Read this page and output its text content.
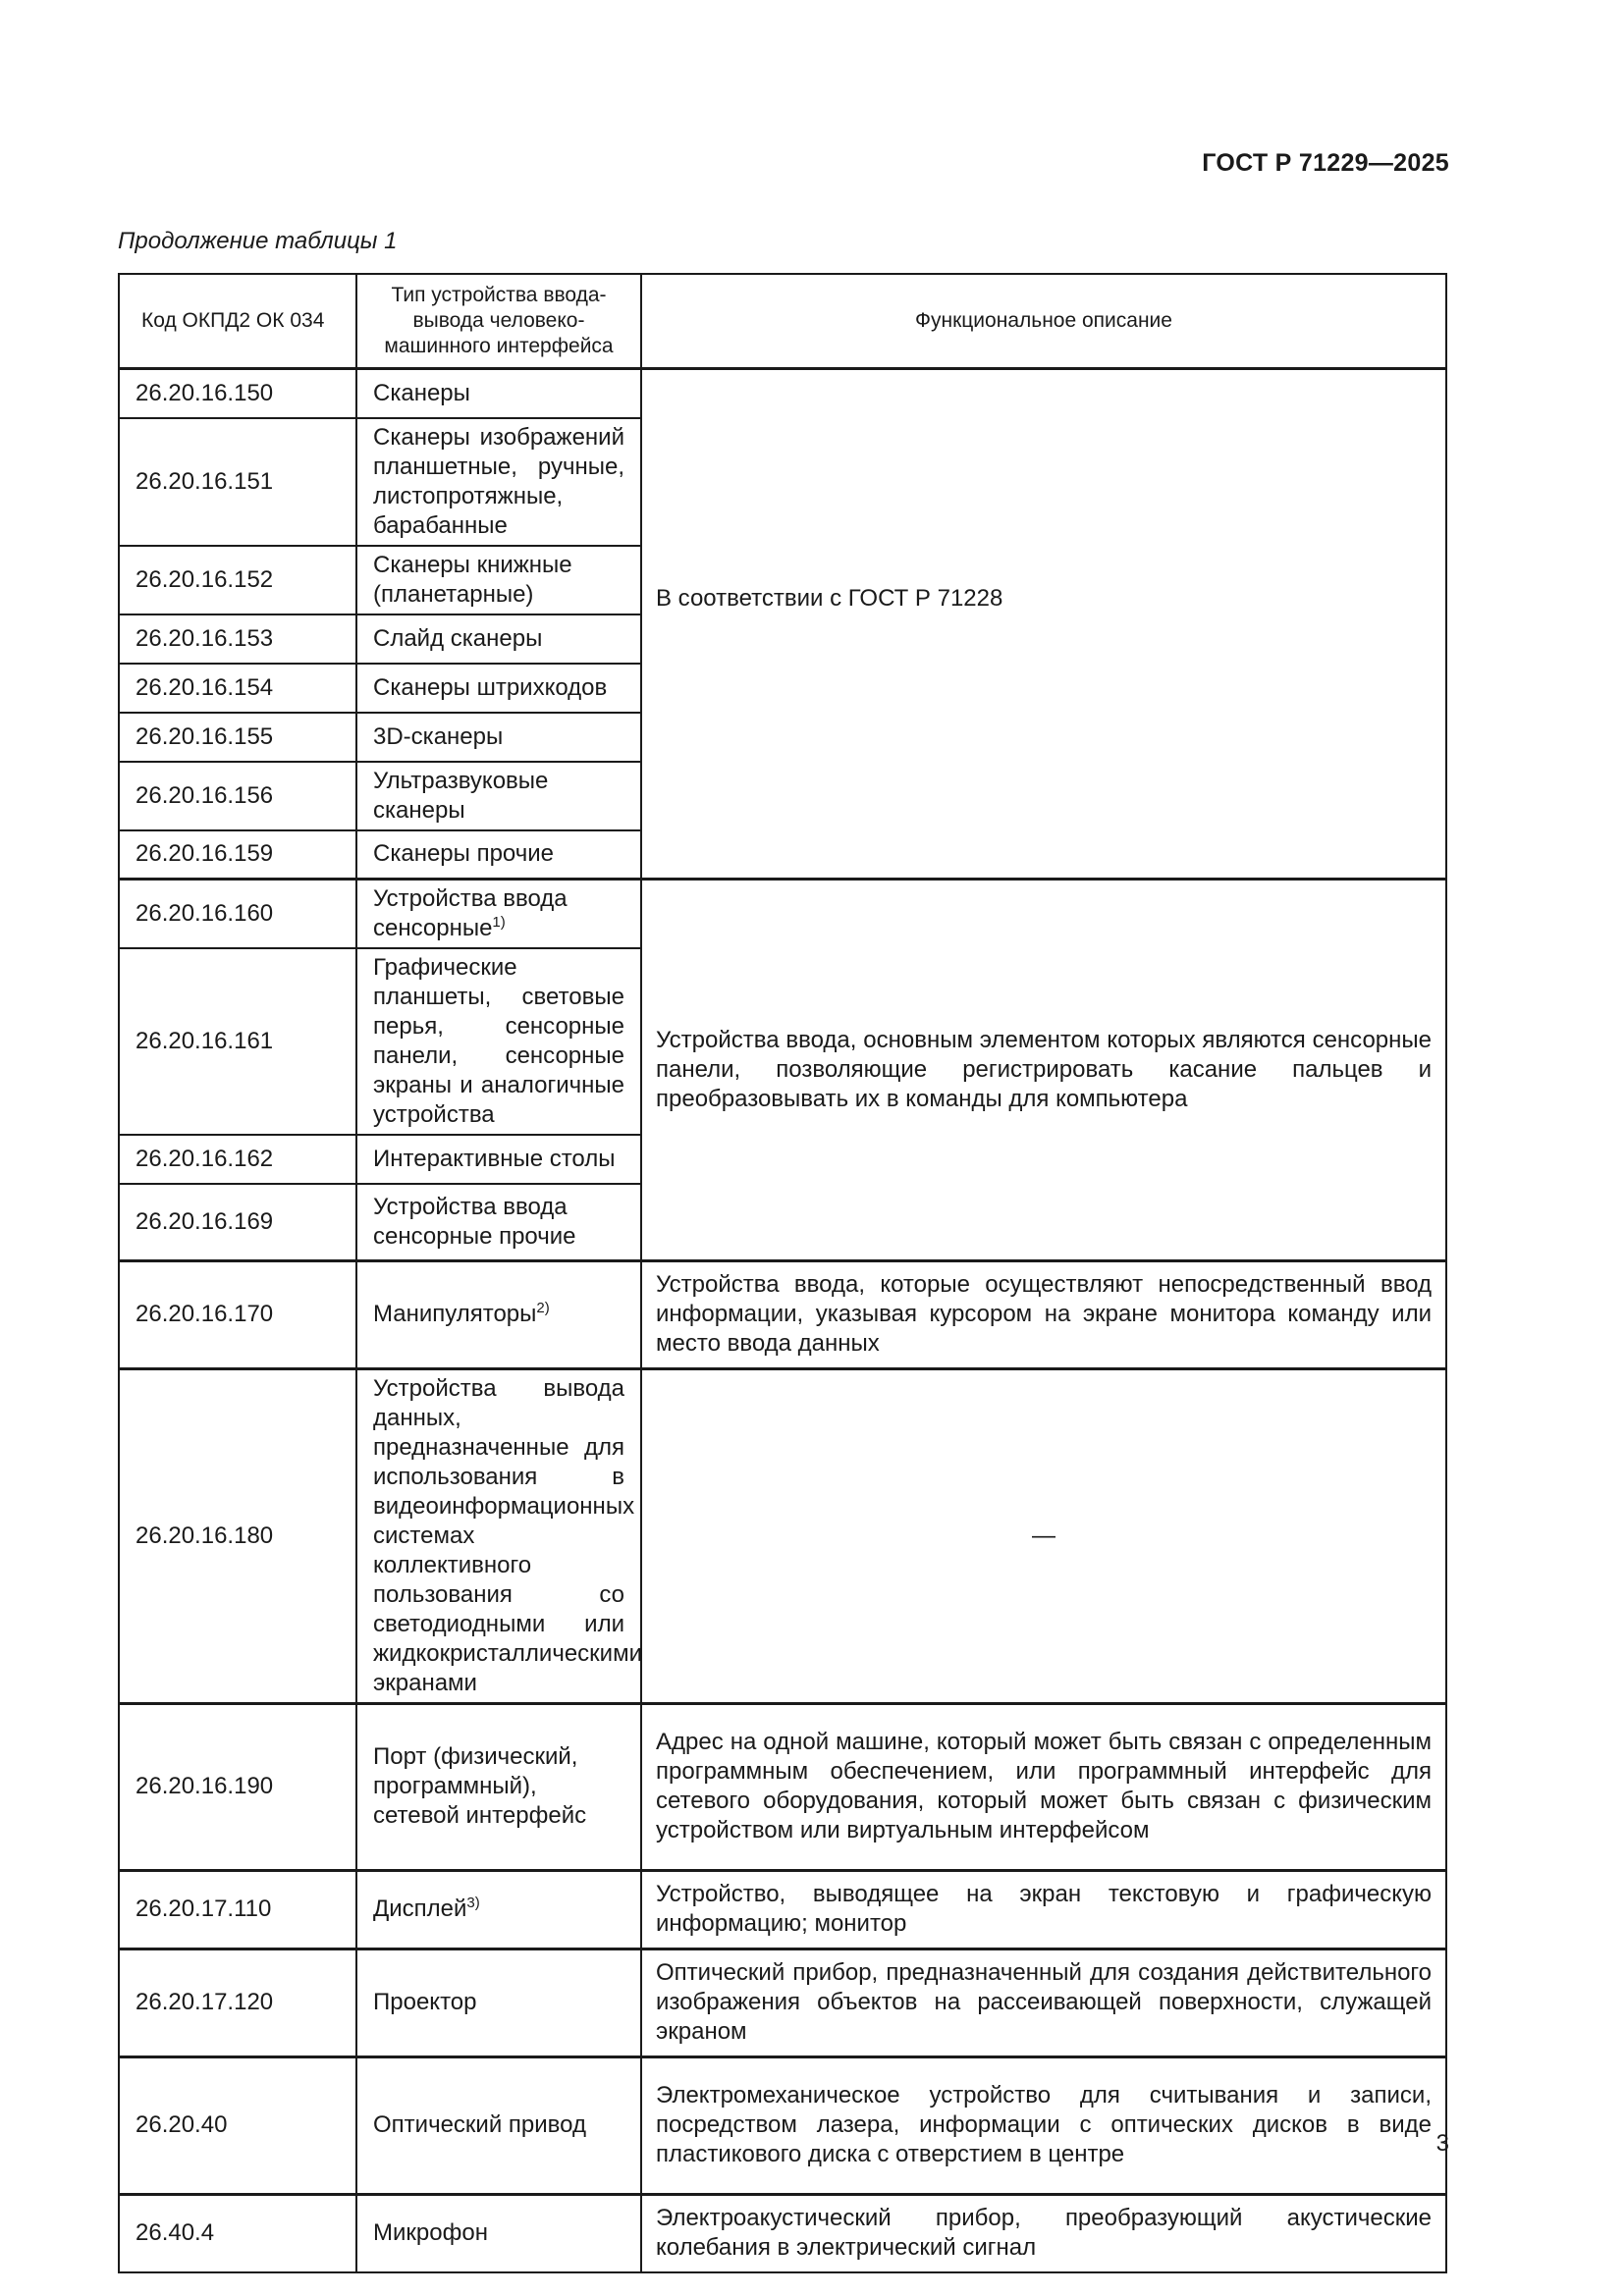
ГОСТ Р 71229—2025
Продолжение таблицы 1
Код ОКПД2 ОК 034	Тип устройства ввода-вывода человеко-машинного интерфейса	Функциональное описание
26.20.16.150	Сканеры	В соответствии с ГОСТ Р 71228
26.20.16.151	Сканеры изображений планшетные, ручные, листопротяжные, барабанные	
26.20.16.152	Сканеры книжные (планетарные)	
26.20.16.153	Слайд сканеры	
26.20.16.154	Сканеры штрихкодов	
26.20.16.155	3D-сканеры	
26.20.16.156	Ультразвуковые сканеры	
26.20.16.159	Сканеры прочие	
26.20.16.160	Устройства ввода сенсорные$^{1)}$	Устройства ввода, основным элементом которых являются сенсорные панели, позволяющие регистрировать касание пальцев и преобразовывать их в команды для компьютера
26.20.16.161	Графические планшеты, световые перья, сенсорные панели, сенсорные экраны и аналогичные устройства	
26.20.16.162	Интерактивные столы	
26.20.16.169	Устройства ввода сенсорные прочие	
26.20.16.170	Манипуляторы$^{2)}$	Устройства ввода, которые осуществляют непосредственный ввод информации, указывая курсором на экране монитора команду или место ввода данных
26.20.16.180	Устройства вывода данных, предназначенные для использования в видеоинформационных системах коллективного пользования со светодиодными или жидкокристаллическими экранами	—
26.20.16.190	Порт (физический, программный), сетевой интерфейс	Адрес на одной машине, который может быть связан с определенным программным обеспечением, или программный интерфейс для сетевого оборудования, который может быть связан с физическим устройством или виртуальным интерфейсом
26.20.17.110	Дисплей$^{3)}$	Устройство, выводящее на экран текстовую и графическую информацию; монитор
26.20.17.120	Проектор	Оптический прибор, предназначенный для создания действительного изображения объектов на рассеивающей поверхности, служащей экраном
26.20.40	Оптический привод	Электромеханическое устройство для считывания и записи, посредством лазера, информации с оптических дисков в виде пластикового диска с отверстием в центре
26.40.4	Микрофон	Электроакустический прибор, преобразующий акустические колебания в электрический сигнал
3
